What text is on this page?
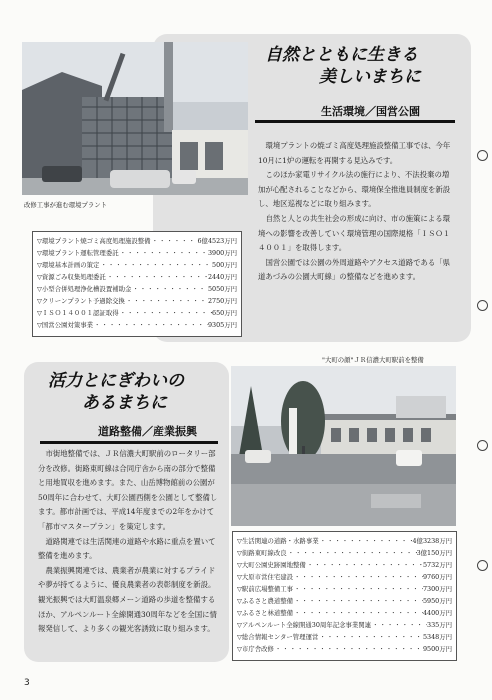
改修工事が進む環境プラント
自然とともに生きる
美しいまちに
生活環境／国営公園

環境プラントの焼ゴミ高度処理施設整備工事では、今年10月に1炉の運転を再開する見込みです。

このほか家電リサイクル法の施行により、不法投棄の増加が心配されることなどから、環境保全推進員制度を新設し、地区巡視などに取り組みます。

自然と人との共生社会の形成に向け、市の施策による環境への影響を改善していく環境管理の国際規格「ＩＳＯ１４００１」を取得します。

国営公園では公園の外周道路やアクセス道路である「県道あづみの公園大町線」の整備などを進めます。

▽環境プラント焼ゴミ高度処理施設整備 ・・・・・・・・・・・・・・・・・・・・・・・・・・・・・・・・・・・・・・・・・・	6億4523万円
▽環境プラント運転管理委託 ・・・・・・・・・・・・・・・・・・・・・・・・・・・・・・・・・・・・・・・・・・	3900万円
▽環境基本計画の策定 ・・・・・・・・・・・・・・・・・・・・・・・・・・・・・・・・・・・・・・・・・・	500万円
▽資源ごみ収集処理委託 ・・・・・・・・・・・・・・・・・・・・・・・・・・・・・・・・・・・・・・・・・・	2440万円
▽小型合併処理浄化槽設置補助金 ・・・・・・・・・・・・・・・・・・・・・・・・・・・・・・・・・・・・・・・・・・	5050万円
▽クリーンプラント予過除交換 ・・・・・・・・・・・・・・・・・・・・・・・・・・・・・・・・・・・・・・・・・・	2750万円
▽ＩＳＯ１４００１認証取得 ・・・・・・・・・・・・・・・・・・・・・・・・・・・・・・・・・・・・・・・・・・	650万円
▽国営公園対策事業 ・・・・・・・・・・・・・・・・・・・・・・・・・・・・・・・・・・・・・・・・・・	9305万円
活力とにぎわいの
あるまちに
道路整備／産業振興

市街地整備では、ＪＲ信濃大町駅前のロータリー部分を改修。街路東町線は合同庁舎から南の部分で整備と用地買収を進めます。また、山岳博物館前の公園が50周年に合わせて、大町公園西側を公園として整備します。都市計画では、平成14年度までの2年をかけて「都市マスタープラン」を策定します。

道路関連では生活関連の道路や水路に重点を置いて整備を進めます。

農業振興関連では、農業者が農業に対するプライドや夢が持てるように、優良農業者の表彰制度を新設。観光振興では大町温泉郷メーン道路の歩道を整備するほか、アルペンルート全線開通30周年などを全国に情報発信して、より多くの観光客誘致に取り組みます。

"大町の顔"ＪＲ信濃大町駅前を整備
▽生活関連の道路・水路事業 ・・・・・・・・・・・・・・・・・・・・・・・・・・・・・・・・・・・・・・・・・・	4億3238万円
▽街路東町線改良 ・・・・・・・・・・・・・・・・・・・・・・・・・・・・・・・・・・・・・・・・・・	3億150万円
▽大町公園史跡園地整備 ・・・・・・・・・・・・・・・・・・・・・・・・・・・・・・・・・・・・・・・・・・	5732万円
▽大原市営住宅建設 ・・・・・・・・・・・・・・・・・・・・・・・・・・・・・・・・・・・・・・・・・・	9760万円
▽駅前広場整備工事 ・・・・・・・・・・・・・・・・・・・・・・・・・・・・・・・・・・・・・・・・・・	7300万円
▽ふるさと農道整備 ・・・・・・・・・・・・・・・・・・・・・・・・・・・・・・・・・・・・・・・・・・	5950万円
▽ふるさと林道整備 ・・・・・・・・・・・・・・・・・・・・・・・・・・・・・・・・・・・・・・・・・・	4400万円
▽アルペンルート全線開通30周年記念事業関連 ・・・・・・・・・・・・・・・・・・・・・・・・・・・・・・・・・・・・・・・・・・	335万円
▽総合情報センター管理運営 ・・・・・・・・・・・・・・・・・・・・・・・・・・・・・・・・・・・・・・・・・・	5348万円
▽市庁舎改修 ・・・・・・・・・・・・・・・・・・・・・・・・・・・・・・・・・・・・・・・・・・	9500万円
3
